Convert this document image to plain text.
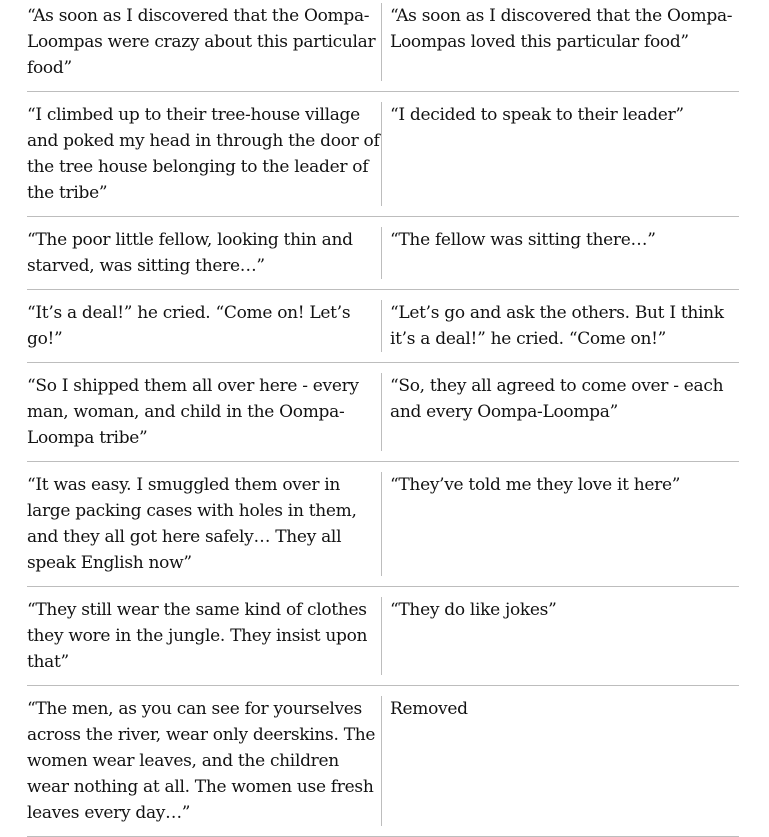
“As soon as I discovered that the Oompa-Loompas were crazy about this particular food”
“As soon as I discovered that the Oompa-Loompas loved this particular food”
“I climbed up to their tree-house village and poked my head in through the door of the tree house belonging to the leader of the tribe”
“I decided to speak to their leader”
“The poor little fellow, looking thin and starved, was sitting there…”
“The fellow was sitting there…”
“It’s a deal!” he cried. “Come on! Let’s go!”
“Let’s go and ask the others. But I think it’s a deal!” he cried. “Come on!”
“So I shipped them all over here - every man, woman, and child in the Oompa-Loompa tribe”
“So, they all agreed to come over - each and every Oompa-Loompa”
“It was easy. I smuggled them over in large packing cases with holes in them, and they all got here safely… They all speak English now”
“They’ve told me they love it here”
“They still wear the same kind of clothes they wore in the jungle. They insist upon that”
“They do like jokes”
“The men, as you can see for yourselves across the river, wear only deerskins. The women wear leaves, and the children wear nothing at all. The women use fresh leaves every day…”
Removed
